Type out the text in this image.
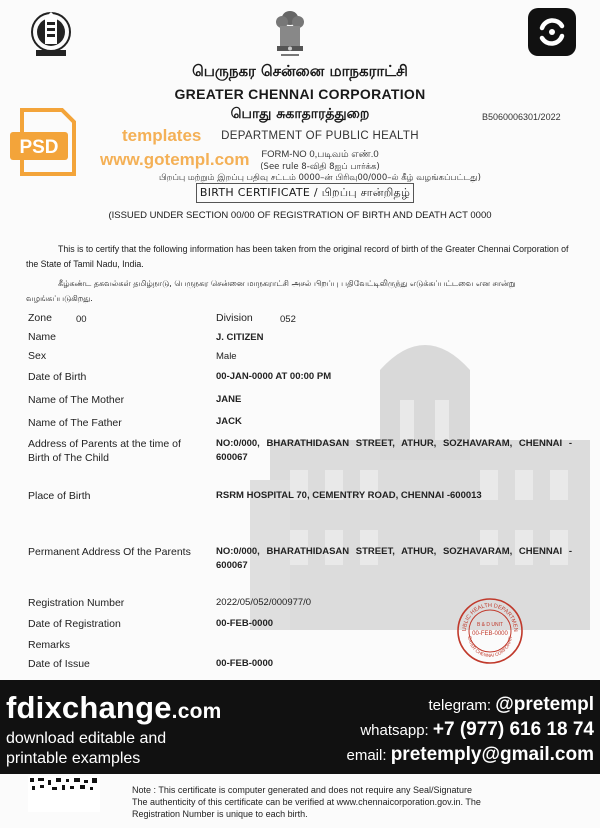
பெருநகர சென்னை மாநகராட்சி
GREATER CHENNAI CORPORATION
பொது சுகாதாரத்துறை	B5060006301/2022
DEPARTMENT OF PUBLIC HEALTH
FORM-NO 0,படிவம் எண்.0
(See rule 8-விதி 8ஐப் பார்க்க)
பிறப்பு மற்றும் இறப்பு பதிவு சட்டம் 0000–ன் பிரிவு00/000–ல் கீழ் வழங்கப்பட்டது)
PSD
templates
www.gotempl.com
BIRTH CERTIFICATE / பிறப்பு சான்றிதழ்
(ISSUED UNDER SECTION 00/00 OF REGISTRATION OF BIRTH AND DEATH ACT 0000
This is to certify that the following information has been taken from the original record of birth of the Greater Chennai Corporation of the State of Tamil Nadu, India.
கீழ்கண்ட தகவல்கள் தமிழ்நாடு, பெருநகர சென்னை மாநகராட்சி அசல் பிறப்பு பதிவேட்டிலிருந்து எடுக்கப்பட்டவை என சான்று வழங்கப்படுகிறது.
Zone	00	Division	052
Name	J. CITIZEN
Sex	Male
Date of Birth	00-JAN-0000 AT 00:00 PM
Name of The Mother	JANE
Name of The Father	JACK
Address of Parents at the time of Birth of The Child
NO:0/000, BHARATHIDASAN STREET, ATHUR, SOZHAVARAM, CHENNAI - 600067
Place of Birth	RSRM HOSPITAL 70, CEMENTRY ROAD, CHENNAI -600013
Permanent Address Of the Parents	NO:0/000, BHARATHIDASAN STREET, ATHUR, SOZHAVARAM, CHENNAI - 600067
Registration Number	2022/05/052/000977/0
Date of Registration	00-FEB-0000
Remarks
Date of Issue	00-FEB-0000
UBLIC HEALTH DEPARTMEN
EATER CHENNAI CORPORATI
B & D UNIT
00-FEB-0000
fdixchange.com
download editable and
printable examples
telegram: @pretempl
whatsapp: +7 (977) 616 18 74
email: pretemply@gmail.com
Note : This certificate is computer generated and does not require any Seal/Signature
The authenticity of this certificate can be verified at www.chennaicorporation.gov.in. The
Registration Number is unique to each birth.
